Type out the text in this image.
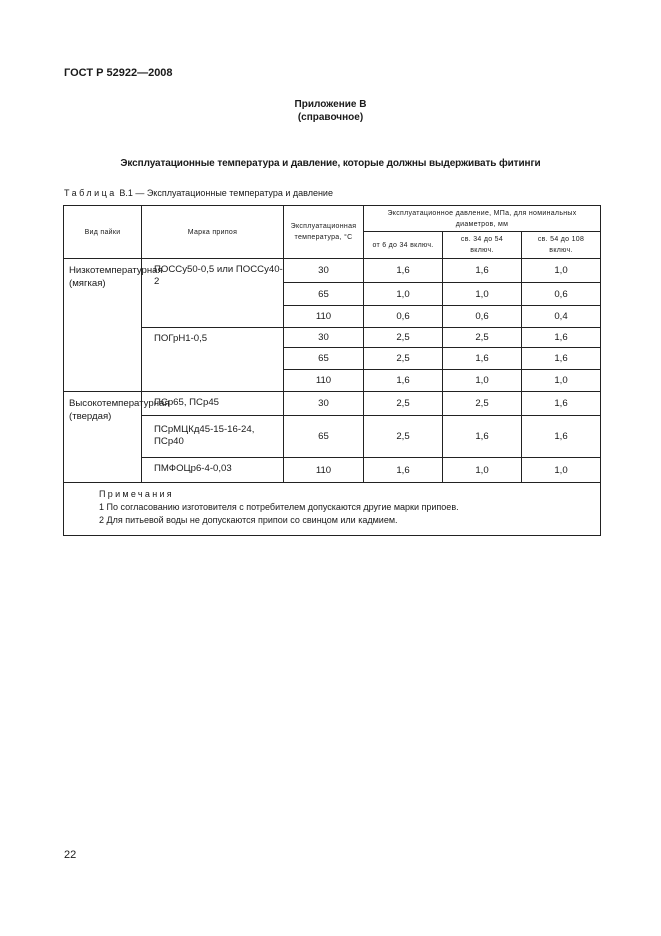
ГОСТ Р 52922—2008
Приложение В
(справочное)
Эксплуатационные температура и давление, которые должны выдерживать фитинги
Таблица В.1 — Эксплуатационные температура и давление
Вид пайки	Марка припоя	Эксплуатационная температура, °С	Эксплуатационное давление, МПа, для номинальных диаметров, мм		
			от 6 до 34 включ.	св. 34 до 54 включ.	св. 54 до 108 включ.
Низкотемпературная (мягкая)	ПОССу50-0,5 или ПОССу40-2	30	1,6	1,6	1,0
		65	1,0	1,0	0,6
		110	0,6	0,6	0,4
	ПОГрН1-0,5	30	2,5	2,5	1,6
		65	2,5	1,6	1,6
		110	1,6	1,0	1,0
Высокотемпературная (твердая)	ПСр65, ПСр45	30	2,5	2,5	1,6
	ПСрМЦКд45-15-16-24, ПСр40	65	2,5	1,6	1,6
	ПМФОЦр6-4-0,03	110	1,6	1,0	1,0

Примечания
1 По согласованию изготовителя с потребителем допускаются другие марки припоев.
2 Для питьевой воды не допускаются припои со свинцом или кадмием.					
22
